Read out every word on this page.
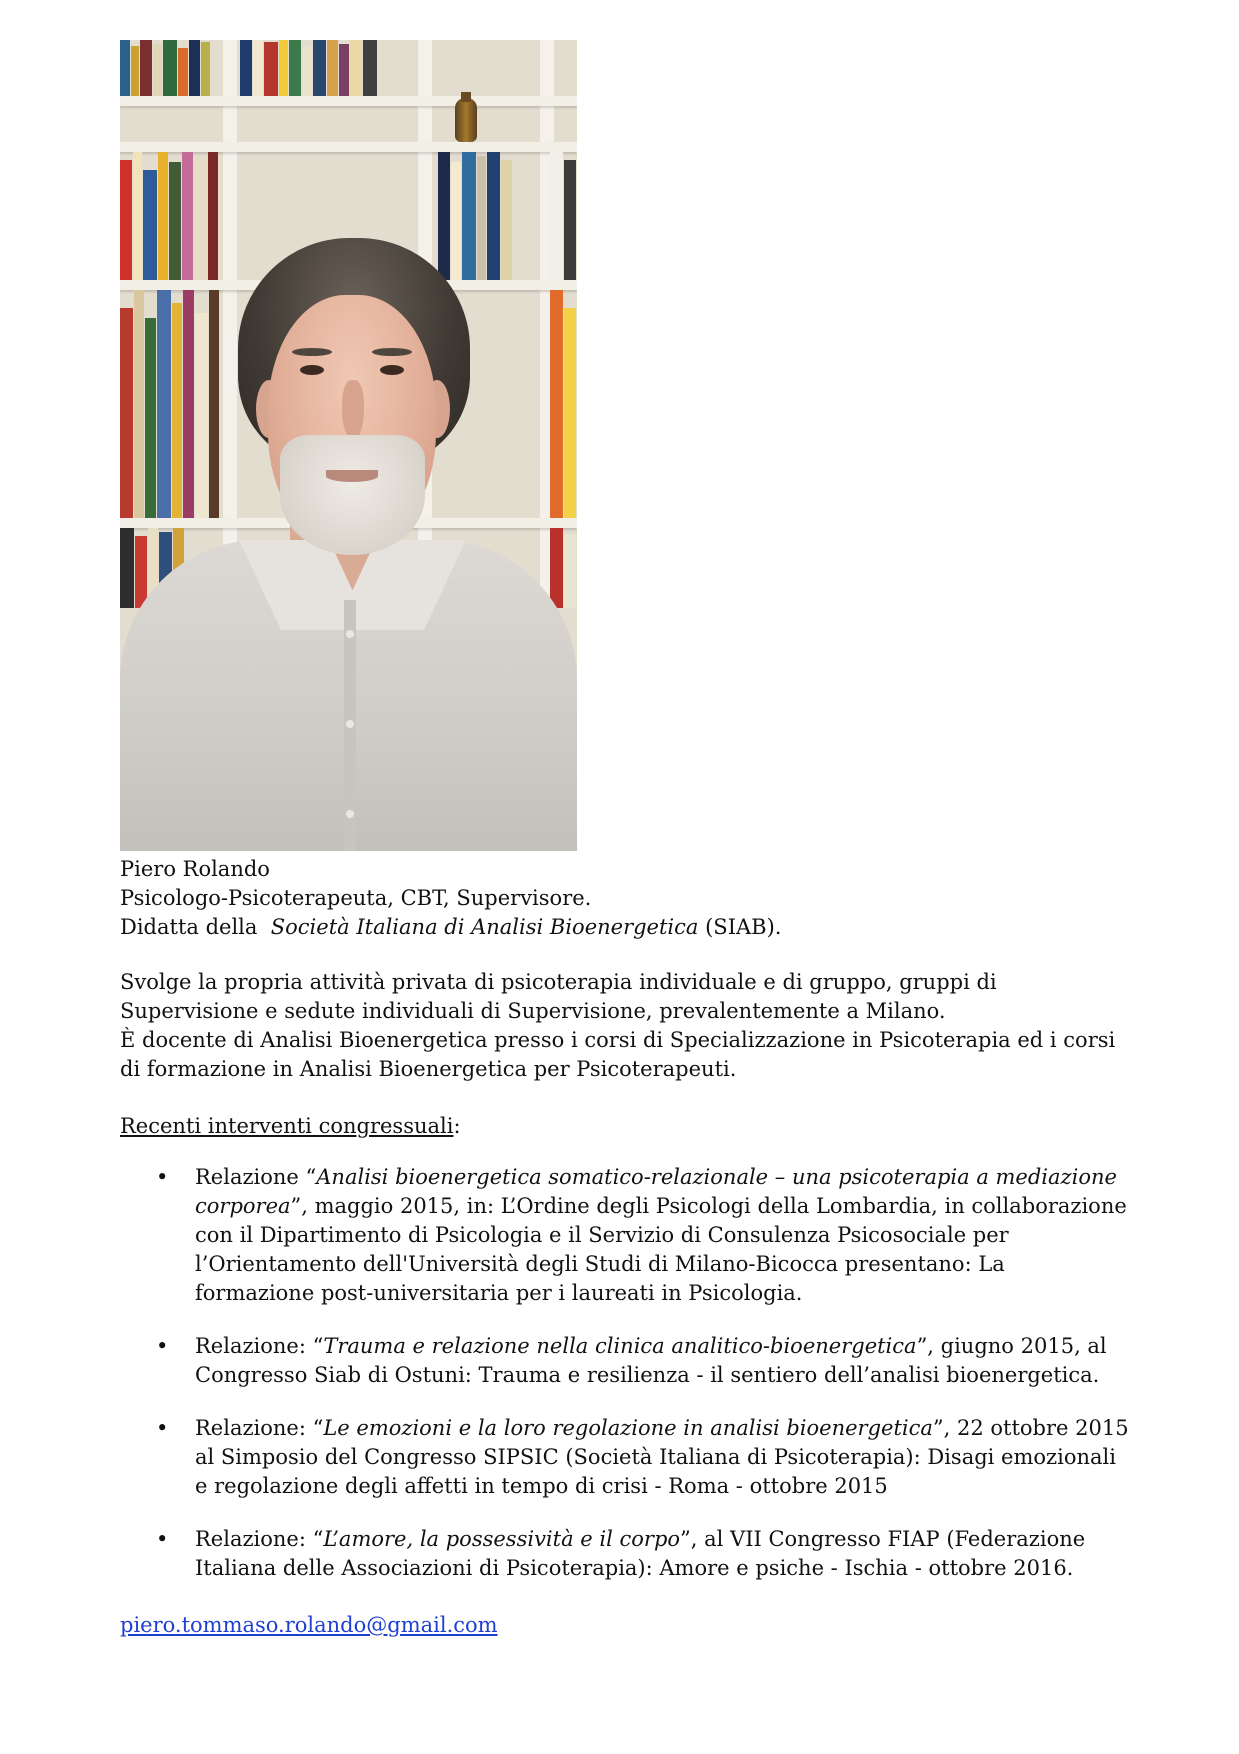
Piero Rolando
Psicologo-Psicoterapeuta, CBT, Supervisore.
Didatta della  Società Italiana di Analisi Bioenergetica (SIAB).
Svolge la propria attività privata di psicoterapia individuale e di gruppo, gruppi di
Supervisione e sedute individuali di Supervisione, prevalentemente a Milano.
È docente di Analisi Bioenergetica presso i corsi di Specializzazione in Psicoterapia ed i corsi
di formazione in Analisi Bioenergetica per Psicoterapeuti.
Recenti interventi congressuali:
• Relazione “Analisi bioenergetica somatico-relazionale – una psicoterapia a mediazione corporea”, maggio 2015, in: L’Ordine degli Psicologi della Lombardia, in collaborazione con il Dipartimento di Psicologia e il Servizio di Consulenza Psicosociale per l’Orientamento dell'Università degli Studi di Milano-Bicocca presentano: La formazione post-universitaria per i laureati in Psicologia.
• Relazione: “Trauma e relazione nella clinica analitico-bioenergetica”, giugno 2015, al Congresso Siab di Ostuni: Trauma e resilienza - il sentiero dell’analisi bioenergetica.
• Relazione: “Le emozioni e la loro regolazione in analisi bioenergetica”, 22 ottobre 2015 al Simposio del Congresso SIPSIC (Società Italiana di Psicoterapia): Disagi emozionali e regolazione degli affetti in tempo di crisi - Roma - ottobre 2015
• Relazione: “L’amore, la possessività e il corpo”, al VII Congresso FIAP (Federazione Italiana delle Associazioni di Psicoterapia): Amore e psiche - Ischia - ottobre 2016.
piero.tommaso.rolando@gmail.com
